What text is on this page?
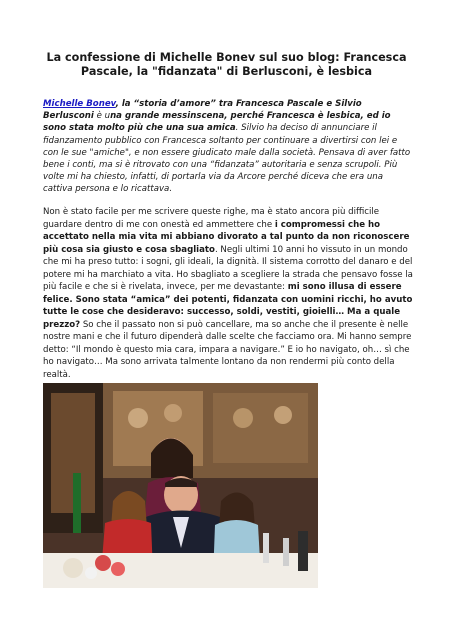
La confessione di Michelle Bonev sul suo blog: Francesca Pascale, la "fidanzata" di Berlusconi, è lesbica
Michelle Bonev, la “storia d’amore” tra Francesca Pascale e Silvio Berlusconi è una grande messinscena, perché Francesca è lesbica, ed io sono stata molto più che una sua amica. Silvio ha deciso di annunciare il fidanzamento pubblico con Francesca soltanto per continuare a divertirsi con lei e con le sue "amiche", e non essere giudicato male dalla società. Pensava di aver fatto bene i conti, ma si è ritrovato con una “fidanzata” autoritaria e senza scrupoli. Più volte mi ha chiesto, infatti, di portarla via da Arcore perché diceva che era una cattiva persona e lo ricattava.
Non è stato facile per me scrivere queste righe, ma è stato ancora più difficile guardare dentro di me con onestà ed ammettere che i compromessi che ho accettato nella mia vita mi abbiano divorato a tal punto da non riconoscere più cosa sia giusto e cosa sbagliato. Negli ultimi 10 anni ho vissuto in un mondo che mi ha preso tutto: i sogni, gli ideali, la dignità. Il sistema corrotto del danaro e del potere mi ha marchiato a vita. Ho sbagliato a scegliere la strada che pensavo fosse la più facile e che si è rivelata, invece, per me devastante: mi sono illusa di essere felice. Sono stata “amica” dei potenti, fidanzata con uomini ricchi, ho avuto tutte le cose che desideravo: successo, soldi, vestiti, gioielli… Ma a quale prezzo? So che il passato non si può cancellare, ma so anche che il presente è nelle nostre mani e che il futuro dipenderà dalle scelte che facciamo ora. Mi hanno sempre detto: “Il mondo è questo mia cara, impara a navigare.” E io ho navigato, oh… sì che ho navigato… Ma sono arrivata talmente lontano da non rendermi più conto della realtà.
